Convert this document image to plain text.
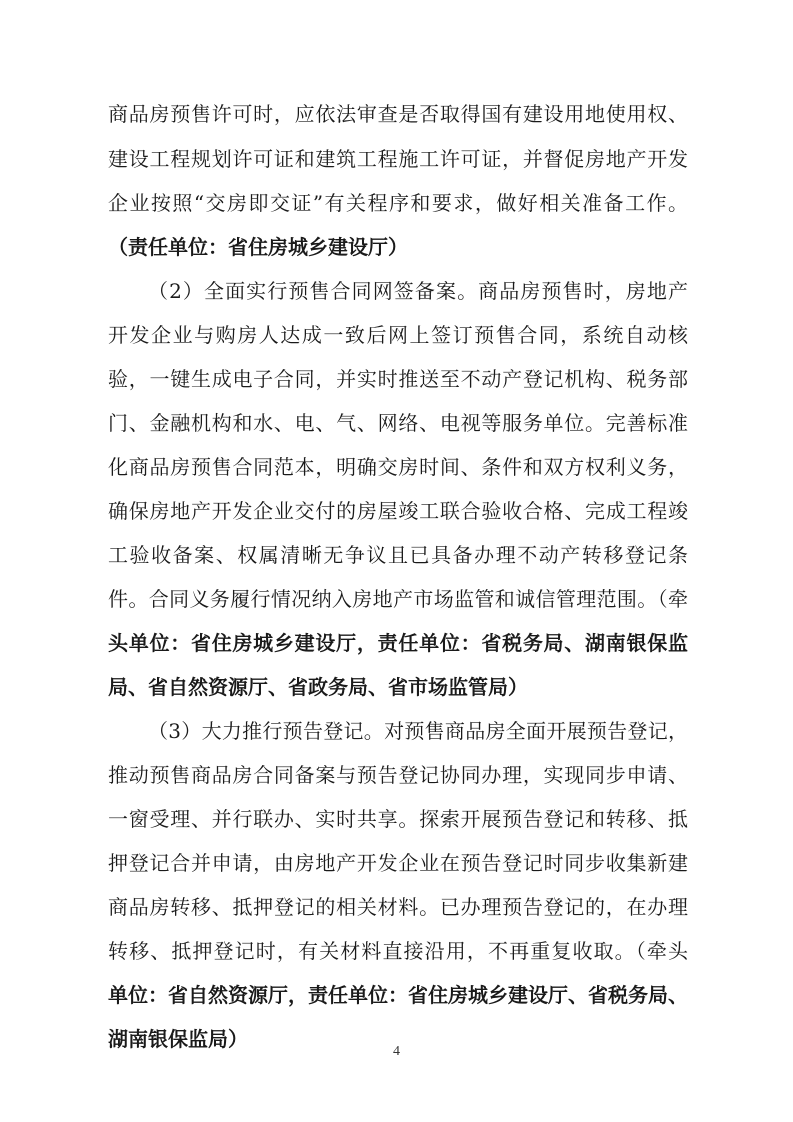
商品房预售许可时，应依法审查是否取得国有建设用地使用权、
建设工程规划许可证和建筑工程施工许可证，并督促房地产开发
企业按照“交房即交证”有关程序和要求，做好相关准备工作。
（责任单位：省住房城乡建设厅）
（2）全面实行预售合同网签备案。商品房预售时，房地产
开发企业与购房人达成一致后网上签订预售合同，系统自动核
验，一键生成电子合同，并实时推送至不动产登记机构、税务部
门、金融机构和水、电、气、网络、电视等服务单位。完善标准
化商品房预售合同范本，明确交房时间、条件和双方权利义务，
确保房地产开发企业交付的房屋竣工联合验收合格、完成工程竣
工验收备案、权属清晰无争议且已具备办理不动产转移登记条
件。合同义务履行情况纳入房地产市场监管和诚信管理范围。（牵
头单位：省住房城乡建设厅，责任单位：省税务局、湖南银保监
局、省自然资源厅、省政务局、省市场监管局）
（3）大力推行预告登记。对预售商品房全面开展预告登记，
推动预售商品房合同备案与预告登记协同办理，实现同步申请、
一窗受理、并行联办、实时共享。探索开展预告登记和转移、抵
押登记合并申请，由房地产开发企业在预告登记时同步收集新建
商品房转移、抵押登记的相关材料。已办理预告登记的，在办理
转移、抵押登记时，有关材料直接沿用，不再重复收取。（牵头
单位：省自然资源厅，责任单位：省住房城乡建设厅、省税务局、
湖南银保监局）
4
